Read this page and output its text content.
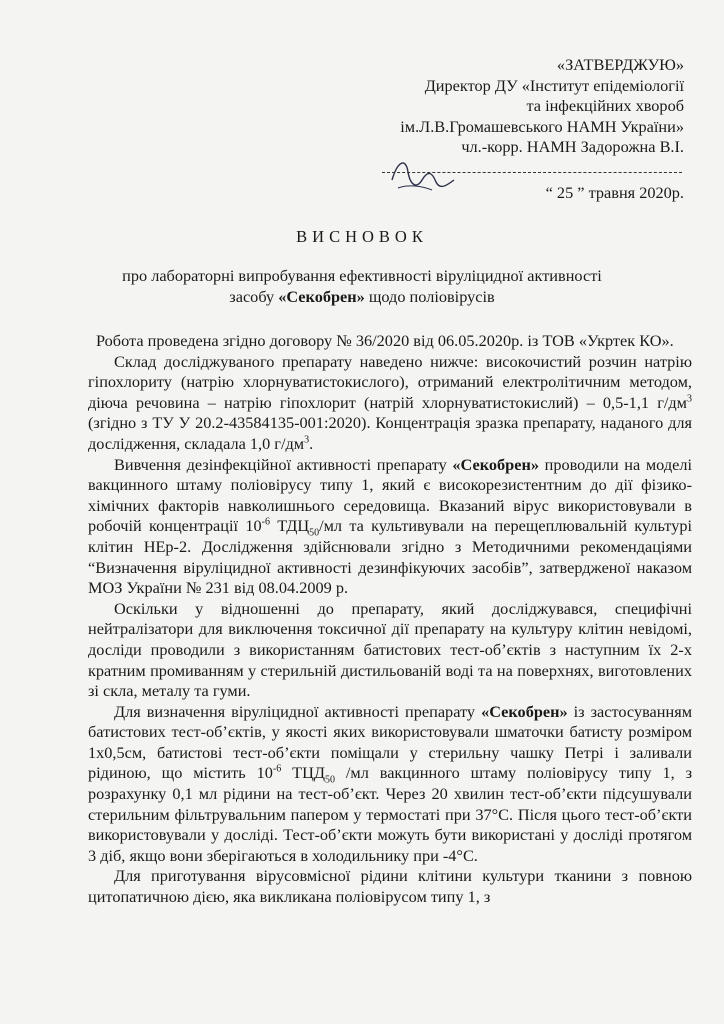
«ЗАТВЕРДЖУЮ»
Директор ДУ «Інститут епідеміології
та інфекційних хвороб
ім.Л.В.Громашевського НАМН України»
чл.-корр. НАМН Задорожна В.І.
“ 25 ” травня 2020р.
ВИСНОВОК
про лабораторні випробування ефективності віруліцидної активності
засобу «Секобрен» щодо поліовірусів

Робота проведена згідно договору № 36/2020 від 06.05.2020р. із ТОВ «Укртек КО».

Склад досліджуваного препарату наведено нижче: високочистий розчин натрію гіпохлориту (натрію хлорнуватистокислого), отриманий електролітичним методом, діюча речовина – натрію гіпохлорит (натрій хлорнуватистокислий) – 0,5-1,1 $г/дм^3$ (згідно з ТУ У 20.2-43584135-001:2020). Концентрація зразка препарату, наданого для дослідження, складала 1,0 $г/дм^3$.

Вивчення дезінфекційної активності препарату «Секобрен» проводили на моделі вакцинного штаму поліовірусу типу 1, який є високорезистентним до дії фізико-хімічних факторів навколишнього середовища. Вказаний вірус використовували в робочій концентрації $10^{-6}$ $ТДЦ_{50}/мл$ та культивували на перещеплювальній культурі клітин НЕр-2. Дослідження здійснювали згідно з Методичними рекомендаціями “Визначення віруліцидної активності дезинфікуючих засобів”, затвердженої наказом МОЗ України № 231 від 08.04.2009 р.

Оскільки у відношенні до препарату, який досліджувався, специфічні нейтралізатори для виключення токсичної дії препарату на культуру клітин невідомі, досліди проводили з використанням батистових тест-об’єктів з наступним їх 2-х кратним промиванням у стерильній дистильованій воді та на поверхнях, виготовлених зі скла, металу та гуми.

Для визначення віруліцидної активності препарату «Секобрен» із застосуванням батистових тест-об’єктів, у якості яких використовували шматочки батисту розміром 1х0,5см, батистові тест-об’єкти поміщали у стерильну чашку Петрі і заливали рідиною, що містить $10^{-6}$ $ТЦД_{50}$ /мл вакцинного штаму поліовірусу типу 1, з розрахунку 0,1 мл рідини на тест-об’єкт. Через 20 хвилин тест-об’єкти підсушували стерильним фільтрувальним папером у термостаті при 37°С. Після цього тест-об’єкти використовували у досліді. Тест-об’єкти можуть бути використані у досліді протягом 3 діб, якщо вони зберігаються в холодильнику при -4°С.

Для приготування вірусовмісної рідини клітини культури тканини з повною цитопатичною дією, яка викликана поліовірусом типу 1, з
